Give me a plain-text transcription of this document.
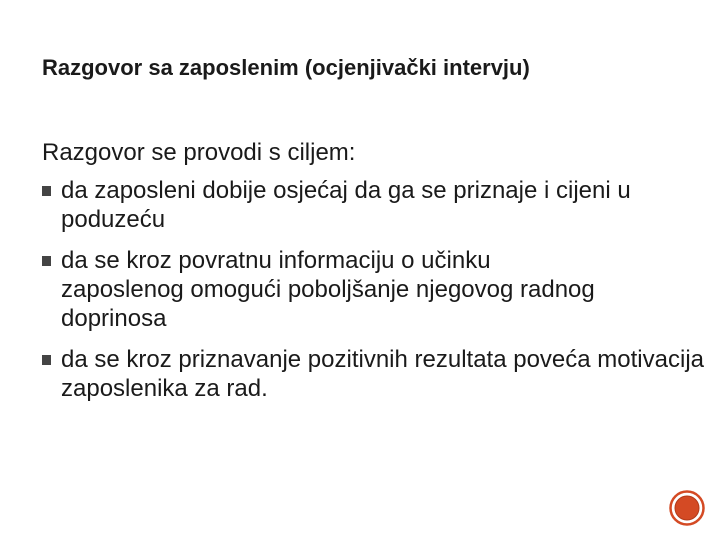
Razgovor sa zaposlenim (ocjenjivački intervju)
Razgovor se provodi s ciljem:
da zaposleni dobije osjećaj da ga se priznaje i cijeni u poduzeću
da se kroz povratnu informaciju o učinku zaposlenog omogući poboljšanje njegovog radnog doprinosa
da se kroz priznavanje pozitivnih rezultata poveća motivacija zaposlenika za rad.
